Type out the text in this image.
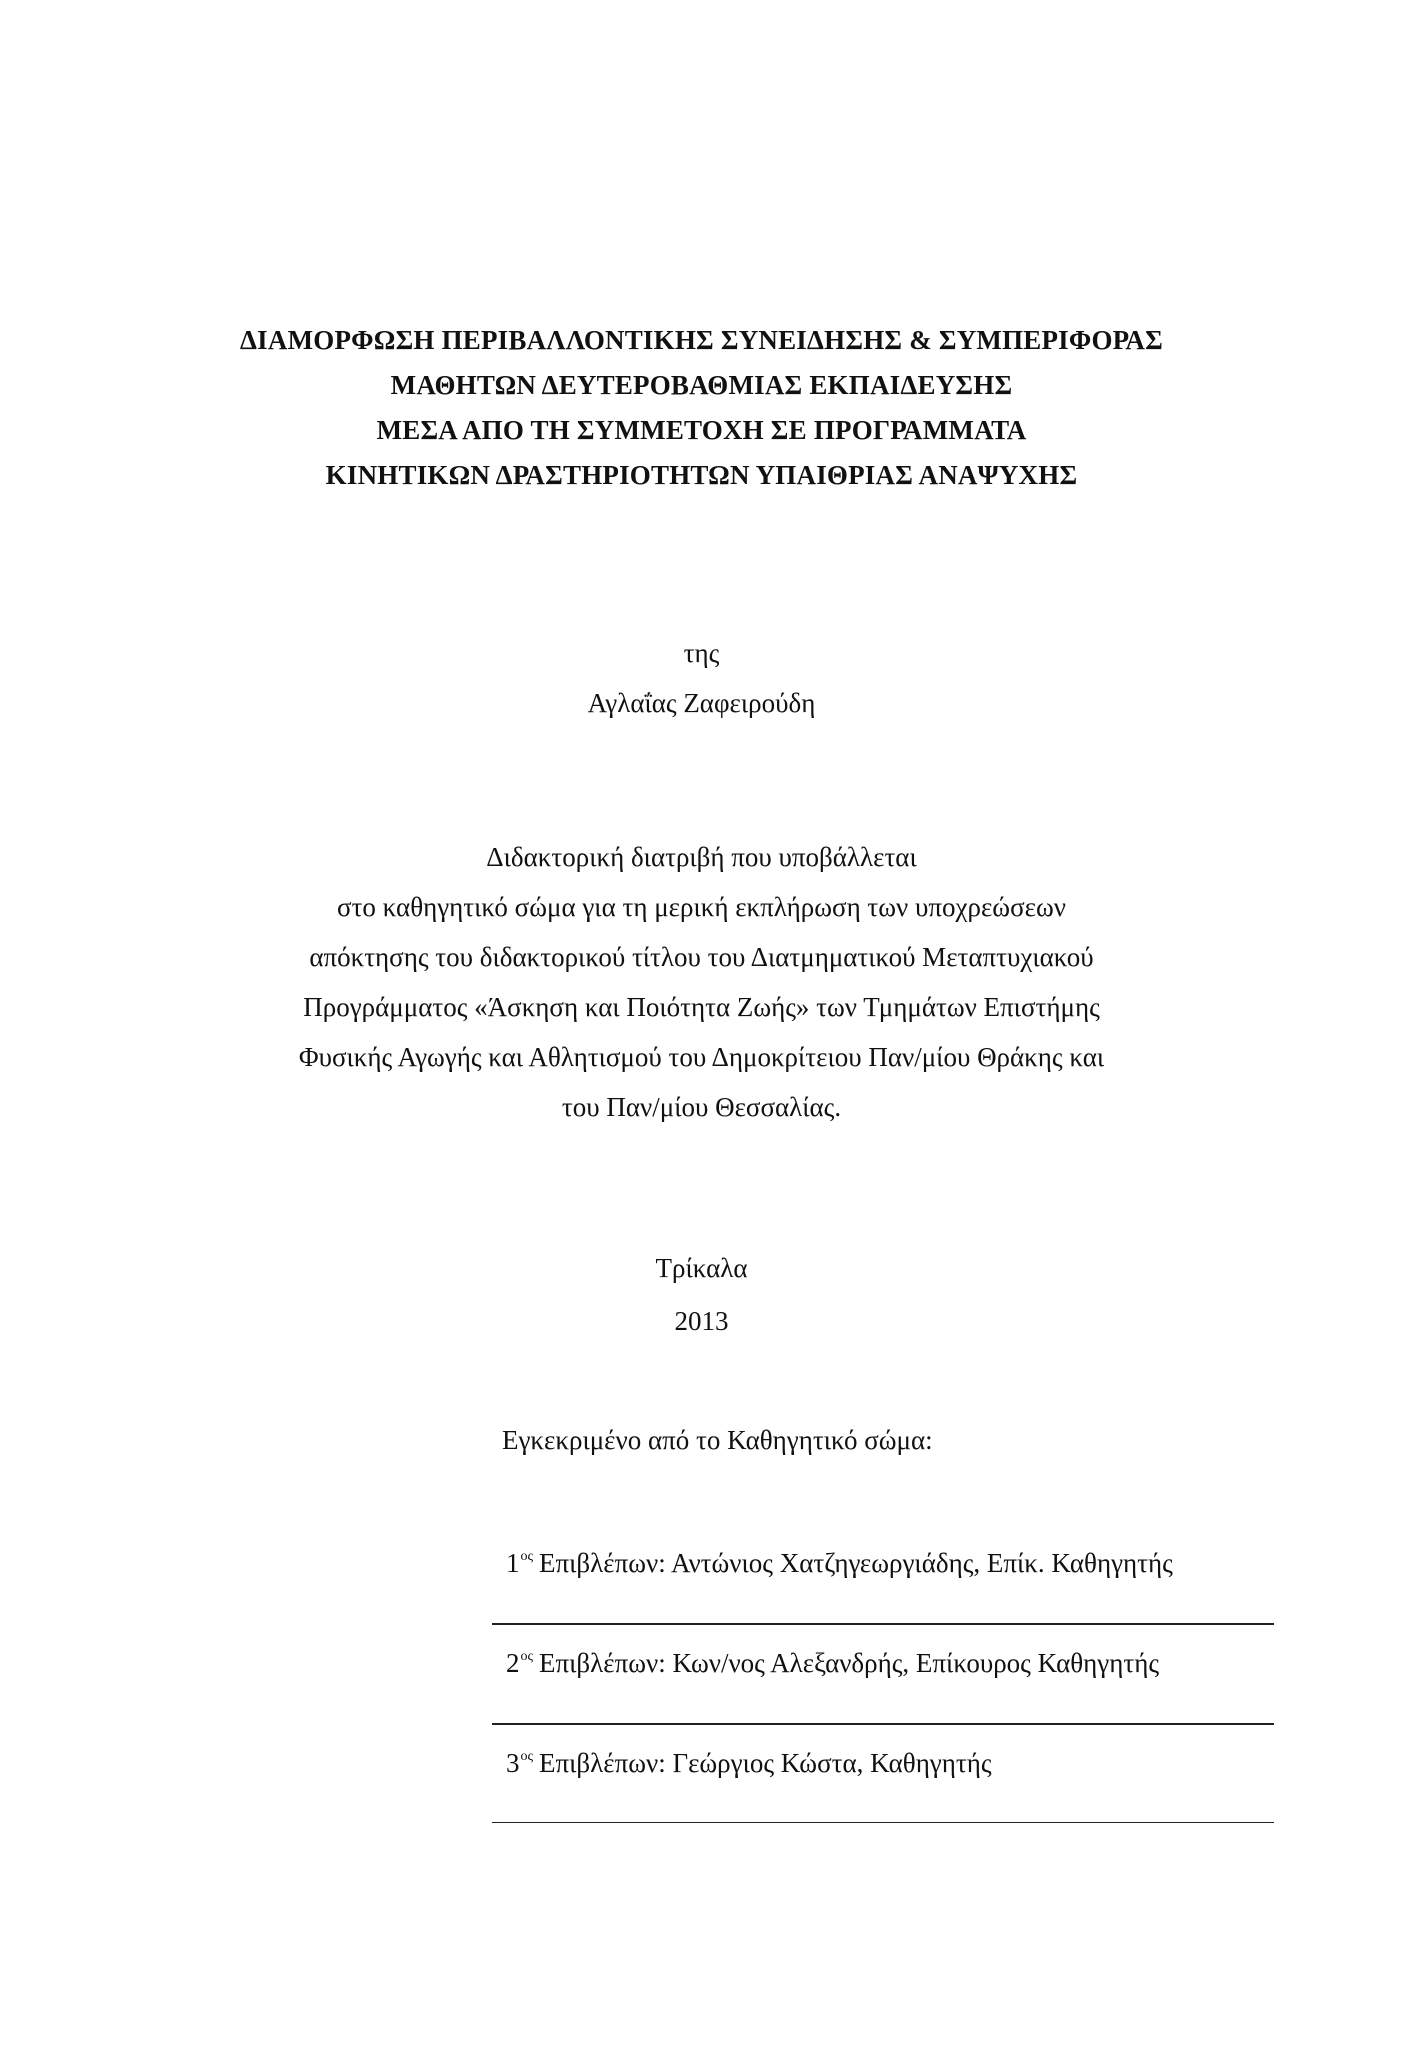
ΔΙΑΜΟΡΦΩΣΗ ΠΕΡΙΒΑΛΛΟΝΤΙΚΗΣ ΣΥΝΕΙΔΗΣΗΣ & ΣΥΜΠΕΡΙΦΟΡΑΣ
ΜΑΘΗΤΩΝ ΔΕΥΤΕΡΟΒΑΘΜΙΑΣ ΕΚΠΑΙΔΕΥΣΗΣ
ΜΕΣΑ ΑΠΟ ΤΗ ΣΥΜΜΕΤΟΧΗ ΣΕ ΠΡΟΓΡΑΜΜΑΤΑ
ΚΙΝΗΤΙΚΩΝ ΔΡΑΣΤΗΡΙΟΤΗΤΩΝ ΥΠΑΙΘΡΙΑΣ ΑΝΑΨΥΧΗΣ
της
Αγλαΐας Ζαφειρούδη
Διδακτορική διατριβή που υποβάλλεται
στο καθηγητικό σώμα για τη μερική εκπλήρωση των υποχρεώσεων
απόκτησης του διδακτορικού τίτλου του Διατμηματικού Μεταπτυχιακού
Προγράμματος «Άσκηση και Ποιότητα Ζωής» των Τμημάτων Επιστήμης
Φυσικής Αγωγής και Αθλητισμού του Δημοκρίτειου Παν/μίου Θράκης και
του Παν/μίου Θεσσαλίας.
Τρίκαλα
2013
Εγκεκριμένο από το Καθηγητικό σώμα:
$1^{o\varsigma}$ Επιβλέπων: Αντώνιος Χατζηγεωργιάδης, Επίκ. Καθηγητής
$2^{o\varsigma}$ Επιβλέπων: Κων/νος Αλεξανδρής, Επίκουρος Καθηγητής
$3^{o\varsigma}$ Επιβλέπων: Γεώργιος Κώστα, Καθηγητής
